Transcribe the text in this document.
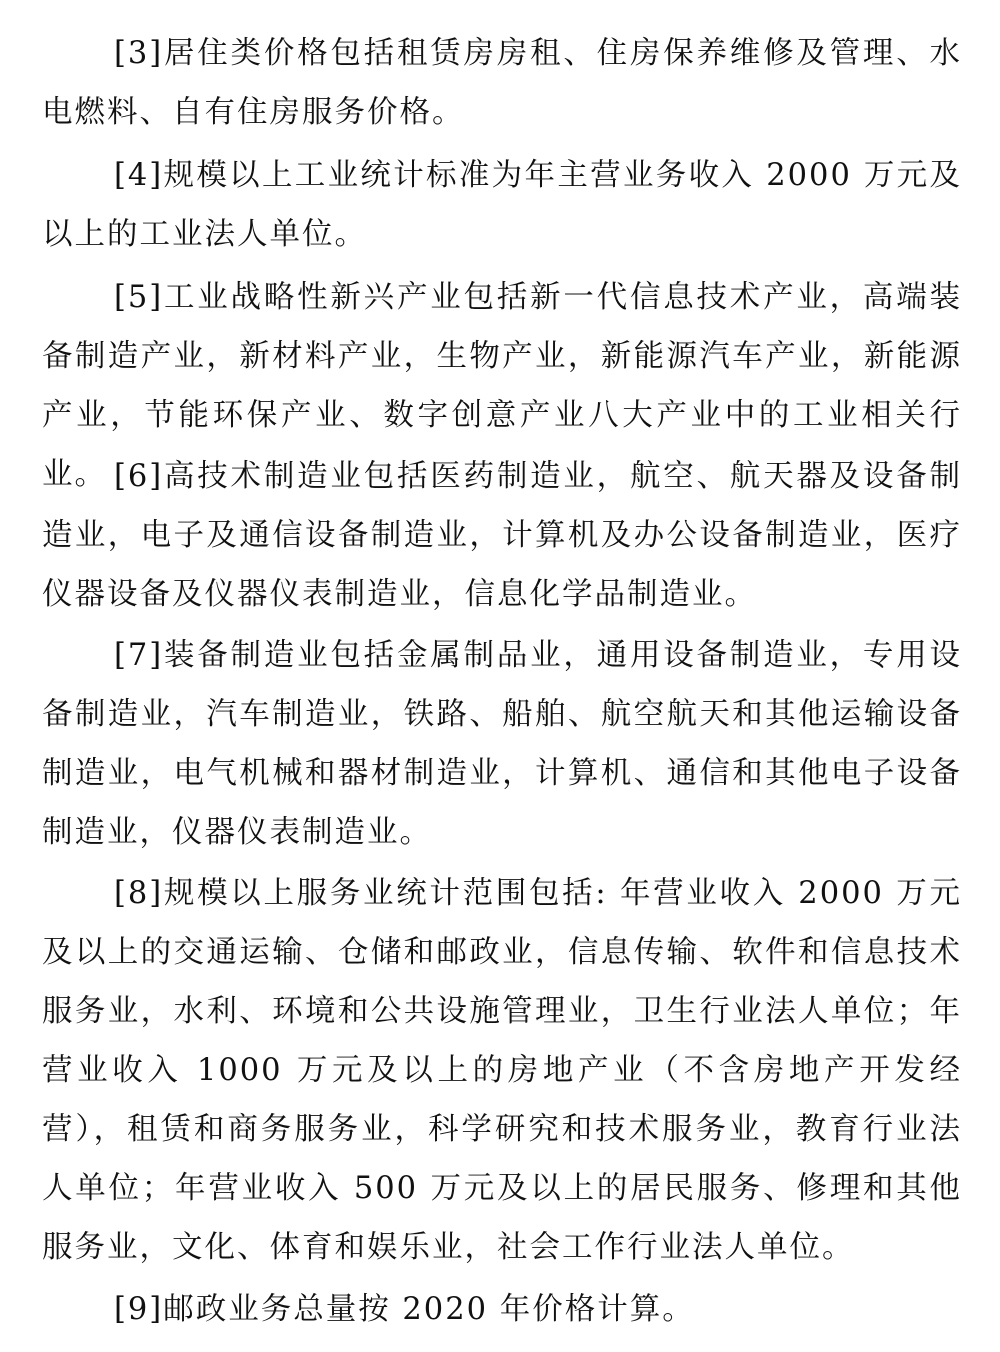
[3]居住类价格包括租赁房房租、住房保养维修及管理、水电燃料、自有住房服务价格。

[4]规模以上工业统计标准为年主营业务收入 2000 万元及以上的工业法人单位。

[5]工业战略性新兴产业包括新一代信息技术产业，高端装备制造产业，新材料产业，生物产业，新能源汽车产业，新能源产业，节能环保产业、数字创意产业八大产业中的工业相关行业。 [6]高技术制造业包括医药制造业，航空、航天器及设备制造业，电子及通信设备制造业，计算机及办公设备制造业，医疗仪器设备及仪器仪表制造业，信息化学品制造业。

[7]装备制造业包括金属制品业，通用设备制造业，专用设备制造业，汽车制造业，铁路、船舶、航空航天和其他运输设备制造业，电气机械和器材制造业，计算机、通信和其他电子设备制造业，仪器仪表制造业。

[8]规模以上服务业统计范围包括: 年营业收入 2000 万元及以上的交通运输、仓储和邮政业，信息传输、软件和信息技术服务业，水利、环境和公共设施管理业，卫生行业法人单位；年营业收入 1000 万元及以上的房地产业（不含房地产开发经营），租赁和商务服务业，科学研究和技术服务业，教育行业法人单位；年营业收入 500 万元及以上的居民服务、修理和其他服务业，文化、体育和娱乐业，社会工作行业法人单位。

[9]邮政业务总量按 2020 年价格计算。
